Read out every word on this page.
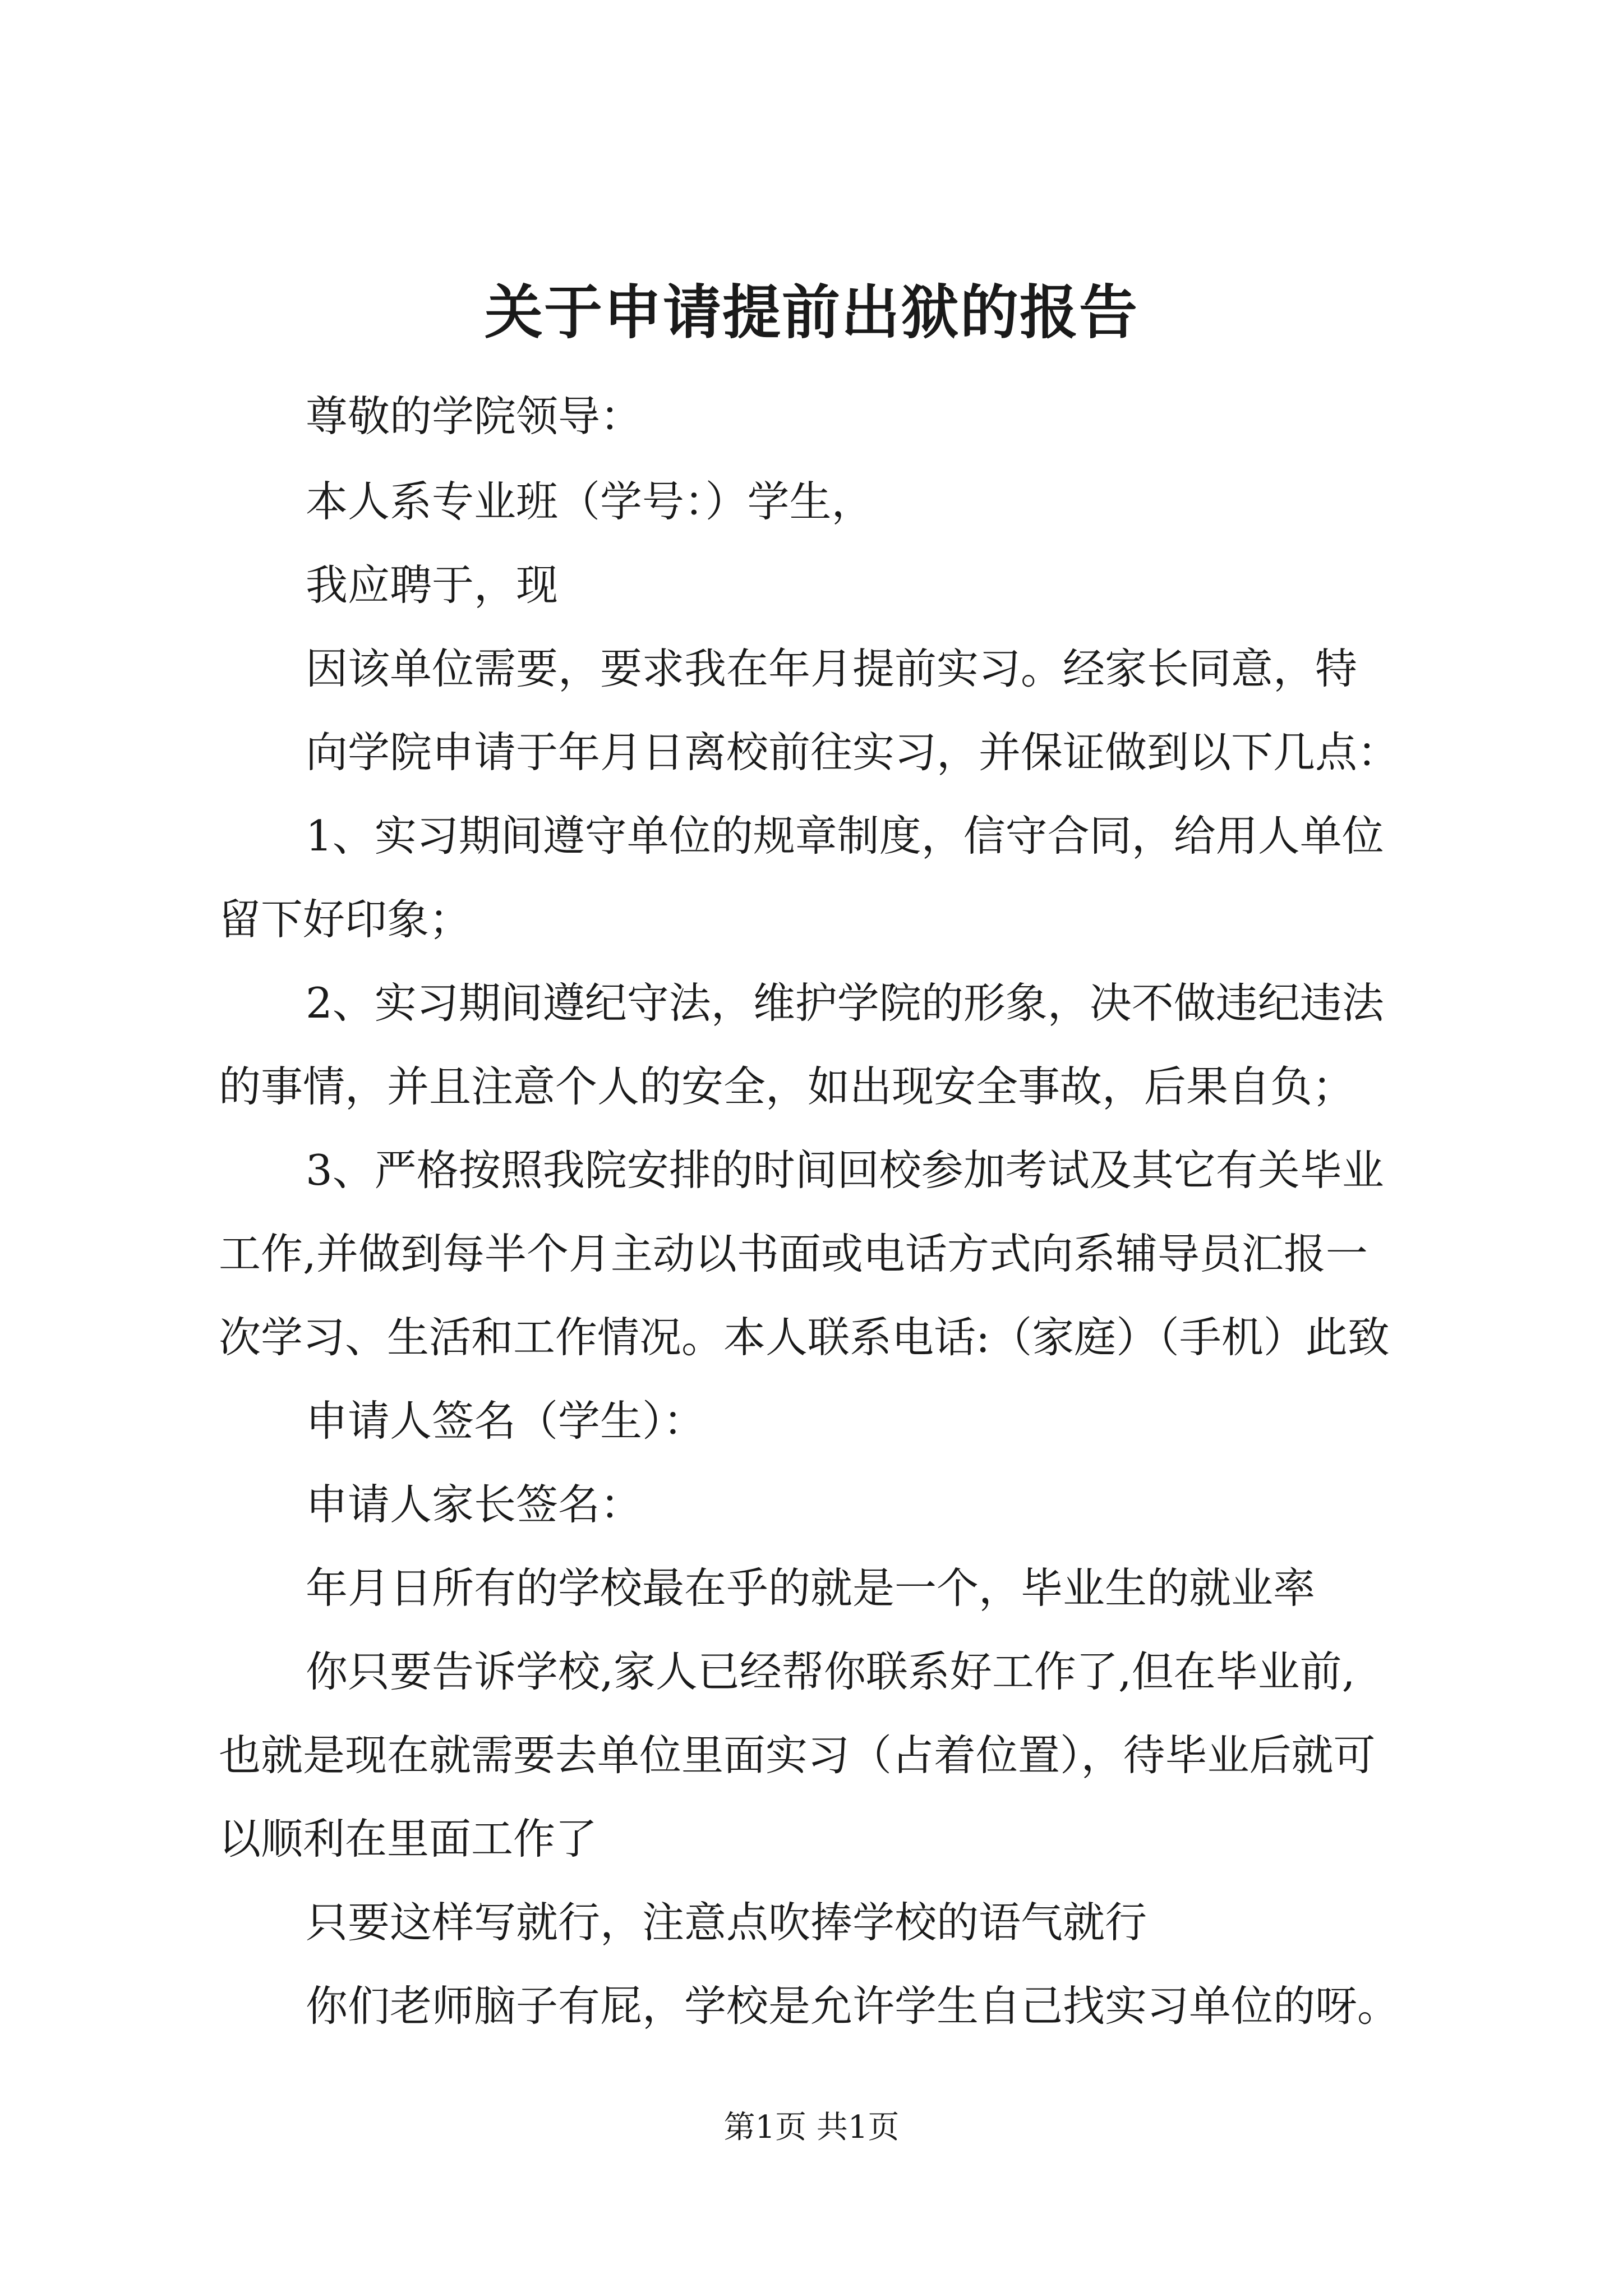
关于申请提前出狱的报告
尊敬的学院领导：
本人系专业班（学号：）学生，
我应聘于，现
因该单位需要，要求我在年月提前实习。经家长同意，特
向学院申请于年月日离校前往实习，并保证做到以下几点：
1、实习期间遵守单位的规章制度，信守合同，给用人单位
留下好印象；
2、实习期间遵纪守法，维护学院的形象，决不做违纪违法
的事情，并且注意个人的安全，如出现安全事故，后果自负；
3、严格按照我院安排的时间回校参加考试及其它有关毕业
工作,并做到每半个月主动以书面或电话方式向系辅导员汇报一
次学习、生活和工作情况。本人联系电话:（家庭）（手机）此致
申请人签名（学生）：
申请人家长签名：
年月日所有的学校最在乎的就是一个，毕业生的就业率
你只要告诉学校,家人已经帮你联系好工作了,但在毕业前,
也就是现在就需要去单位里面实习（占着位置），待毕业后就可
以顺利在里面工作了
只要这样写就行，注意点吹捧学校的语气就行
你们老师脑子有屁，学校是允许学生自己找实习单位的呀。
第1页 共1页
